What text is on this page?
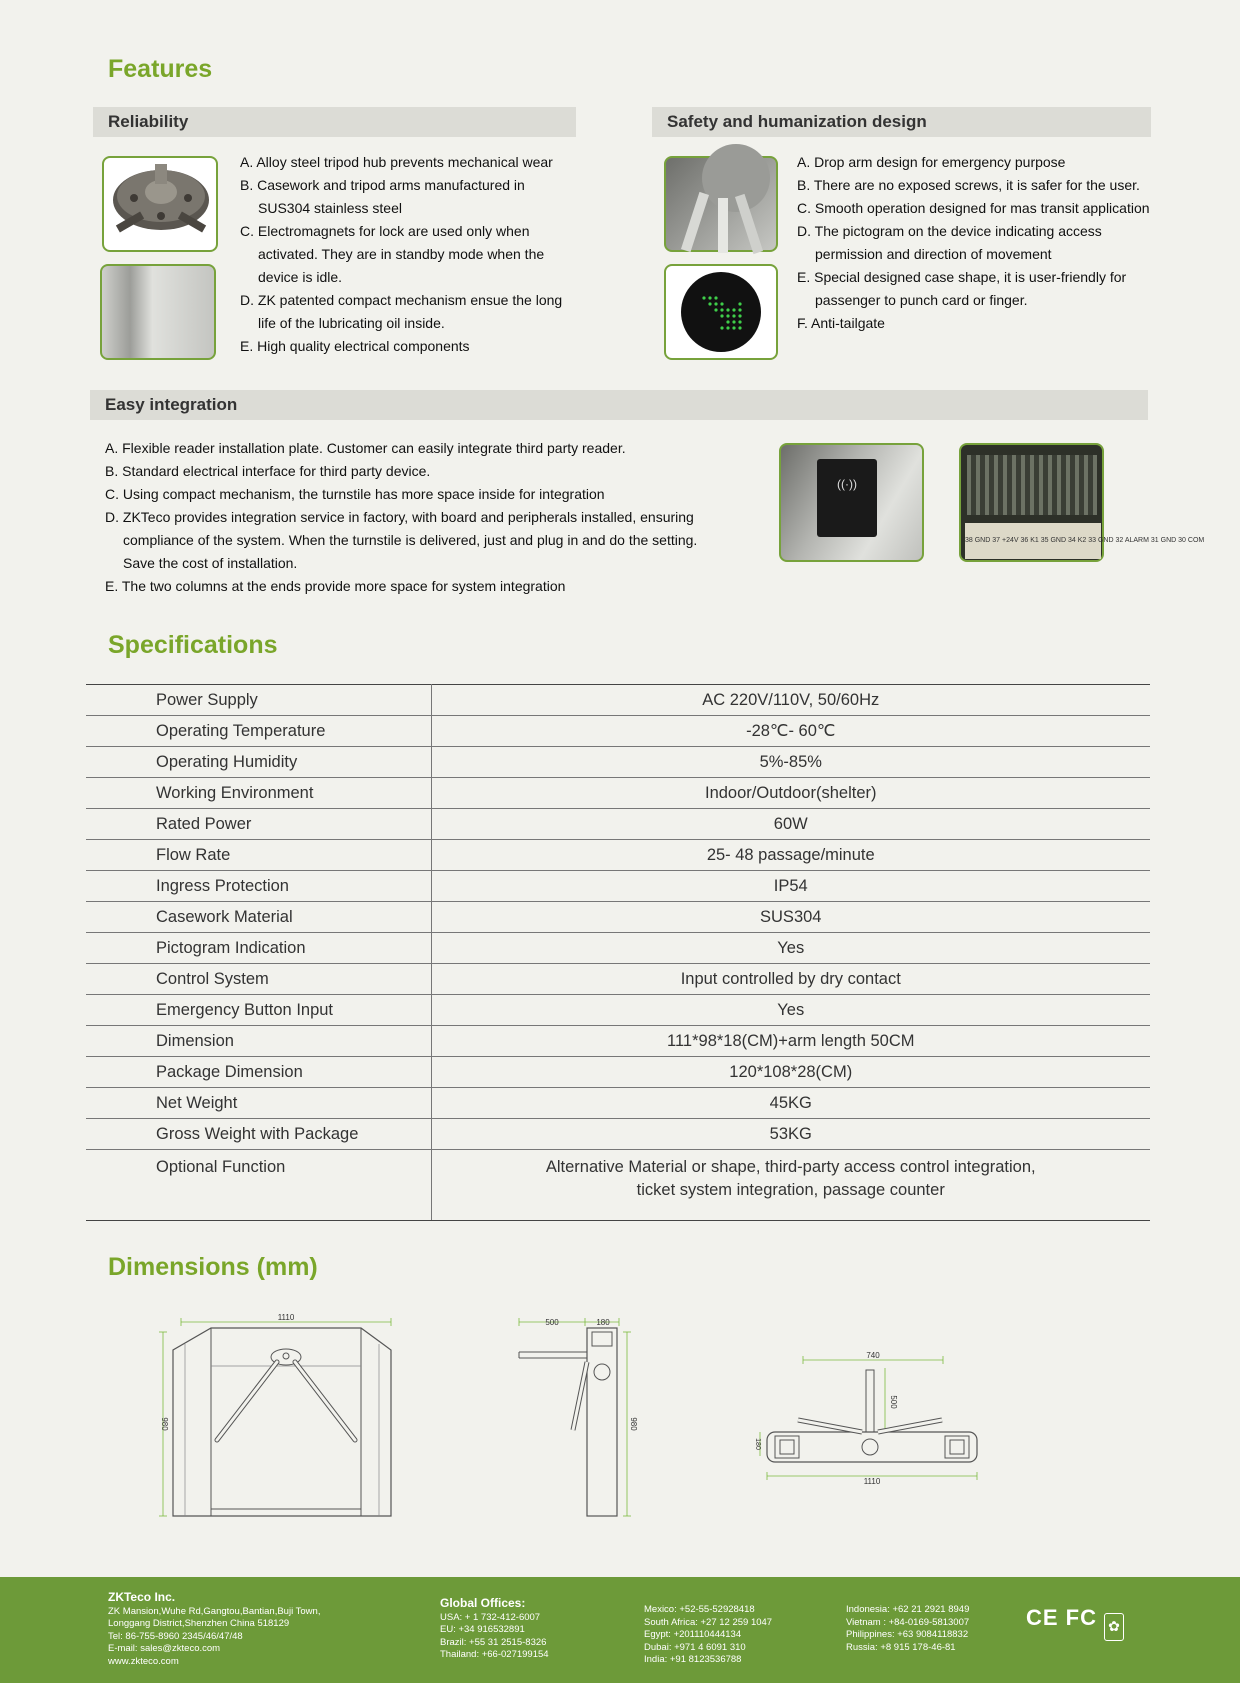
Features
Reliability	Safety and humanization design
A. Alloy steel tripod hub prevents mechanical wear
B. Casework and tripod arms manufactured in SUS304 stainless steel
C. Electromagnets for lock are used only when activated. They are in standby mode when the device is idle.
D. ZK patented compact mechanism ensue the long life of the lubricating oil inside.
E. High quality electrical components
A. Drop arm design for emergency purpose
B. There are no exposed screws, it is safer for the user.
C. Smooth operation designed for mas transit application
D. The pictogram on the device indicating access permission and direction of movement
E. Special designed case shape, it is user-friendly for passenger to punch card or finger.
F. Anti-tailgate
Easy integration
A. Flexible reader installation plate. Customer can easily integrate third party reader.
B. Standard electrical interface for third party device.
C. Using compact mechanism, the turnstile has more space inside for integration
D. ZKTeco provides integration service in factory, with board and peripherals installed, ensuring compliance of the system. When the turnstile is delivered, just and plug in and do the setting. Save the cost of installation.
E. The two columns at the ends provide more space for system integration
((·))
38 GND 37 +24V 36 K1 35 GND 34 K2 33 GND 32 ALARM 31 GND 30 COM
Specifications
Power Supply	AC 220V/110V, 50/60Hz
Operating Temperature	-28℃- 60℃
Operating Humidity	5%-85%
Working Environment	Indoor/Outdoor(shelter)
Rated Power	60W
Flow Rate	25- 48 passage/minute
Ingress Protection	IP54
Casework Material	SUS304
Pictogram Indication	Yes
Control System	Input controlled by dry contact
Emergency Button Input	Yes
Dimension	111*98*18(CM)+arm length 50CM
Package Dimension	120*108*28(CM)
Net Weight	45KG
Gross Weight with Package	53KG
Optional Function	Alternative Material or shape, third-party access control integration,
ticket system integration, passage counter
Dimensions (mm)
1110
980
500	180
980
740
500
180
1110
ZKTeco Inc.
ZK Mansion,Wuhe Rd,Gangtou,Bantian,Buji Town,
Longgang District,Shenzhen China 518129
Tel: 86-755-8960 2345/46/47/48
E-mail: sales@zkteco.com
www.zkteco.com
Global Offices:
USA: + 1 732-412-6007
EU: +34 916532891
Brazil: +55 31 2515-8326
Thailand: +66-027199154
Mexico: +52-55-52928418
South Africa: +27 12 259 1047
Egypt: +201110444134
Dubai: +971 4 6091 310
India: +91 8123536788
Indonesia: +62 21 2921 8949
Vietnam : +84-0169-5813007
Philippines: +63 9084118832
Russia: +8 915 178-46-81
CE FC ✿
